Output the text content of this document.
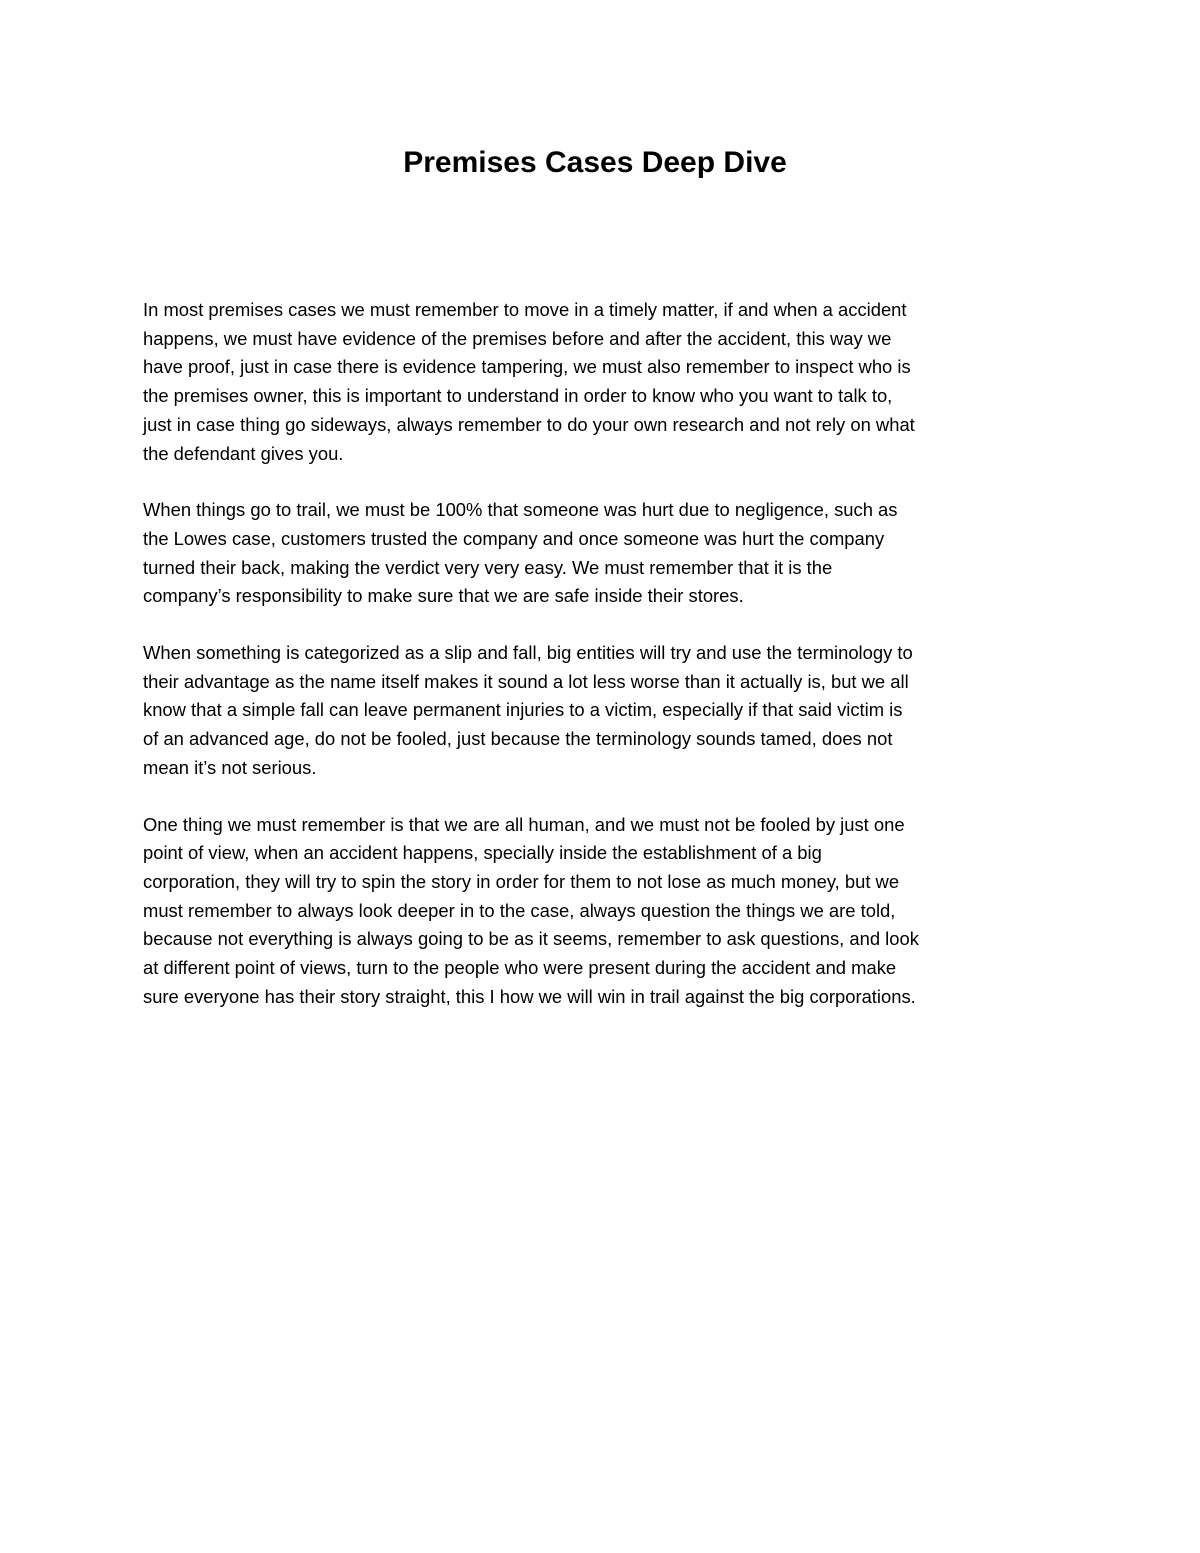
Premises Cases Deep Dive

In most premises cases we must remember to move in a timely matter, if and when a accident
happens, we must have evidence of the premises before and after the accident, this way we
have proof, just in case there is evidence tampering, we must also remember to inspect who is
the premises owner, this is important to understand in order to know who you want to talk to,
just in case thing go sideways, always remember to do your own research and not rely on what
the defendant gives you.

When things go to trail, we must be 100% that someone was hurt due to negligence, such as
the Lowes case, customers trusted the company and once someone was hurt the company
turned their back, making the verdict very very easy. We must remember that it is the
company’s responsibility to make sure that we are safe inside their stores.

When something is categorized as a slip and fall, big entities will try and use the terminology to
their advantage as the name itself makes it sound a lot less worse than it actually is, but we all
know that a simple fall can leave permanent injuries to a victim, especially if that said victim is
of an advanced age, do not be fooled, just because the terminology sounds tamed, does not
mean it’s not serious.

One thing we must remember is that we are all human, and we must not be fooled by just one
point of view, when an accident happens, specially inside the establishment of a big
corporation, they will try to spin the story in order for them to not lose as much money, but we
must remember to always look deeper in to the case, always question the things we are told,
because not everything is always going to be as it seems, remember to ask questions, and look
at different point of views, turn to the people who were present during the accident and make
sure everyone has their story straight, this I how we will win in trail against the big corporations.
